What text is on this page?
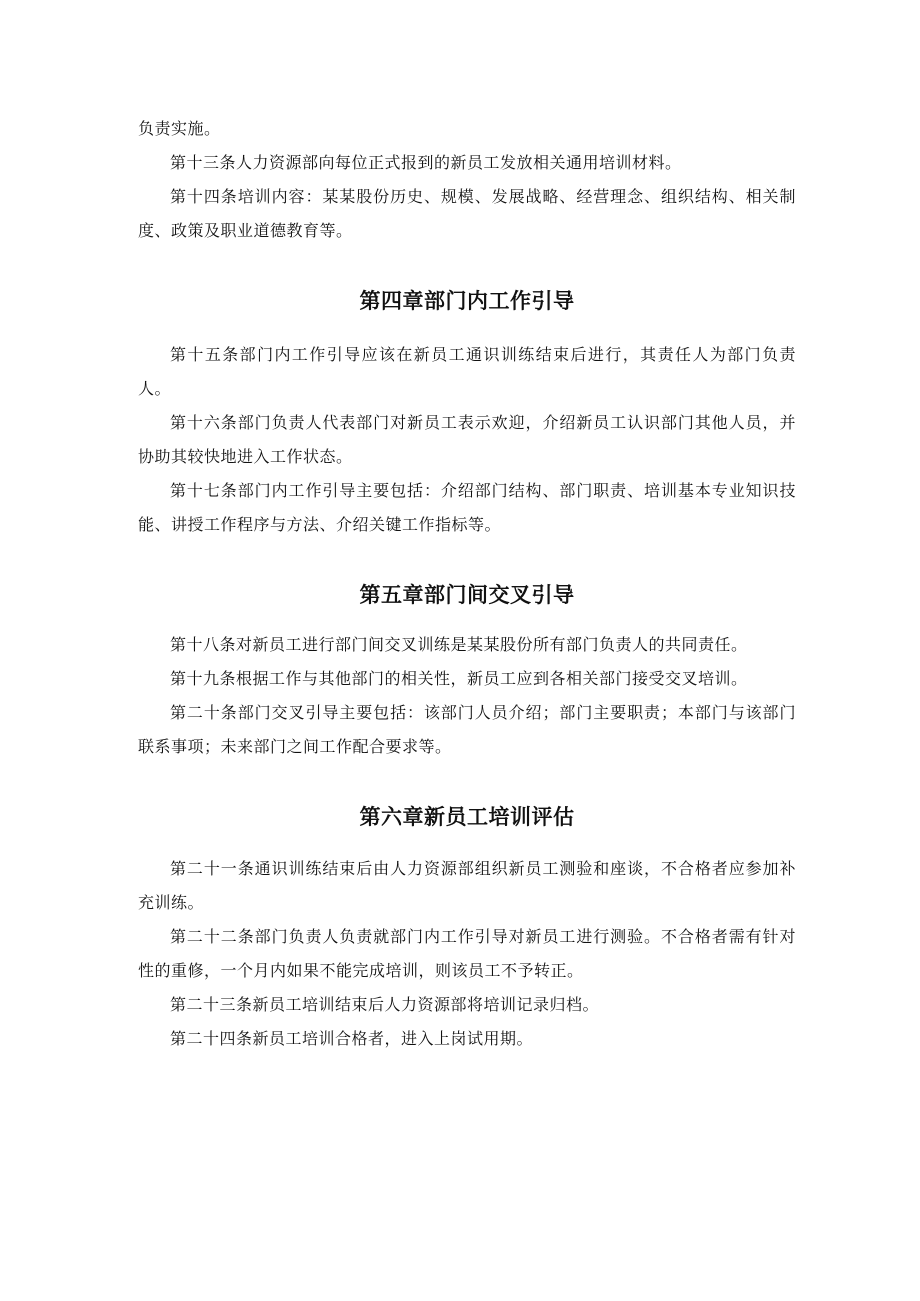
负责实施。

第十三条人力资源部向每位正式报到的新员工发放相关通用培训材料。

第十四条培训内容：某某股份历史、规模、发展战略、经营理念、组织结构、相关制度、政策及职业道德教育等。

第四章部门内工作引导

第十五条部门内工作引导应该在新员工通识训练结束后进行，其责任人为部门负责人。

第十六条部门负责人代表部门对新员工表示欢迎，介绍新员工认识部门其他人员，并协助其较快地进入工作状态。

第十七条部门内工作引导主要包括：介绍部门结构、部门职责、培训基本专业知识技能、讲授工作程序与方法、介绍关键工作指标等。

第五章部门间交叉引导

第十八条对新员工进行部门间交叉训练是某某股份所有部门负责人的共同责任。

第十九条根据工作与其他部门的相关性，新员工应到各相关部门接受交叉培训。

第二十条部门交叉引导主要包括：该部门人员介绍；部门主要职责；本部门与该部门联系事项；未来部门之间工作配合要求等。

第六章新员工培训评估

第二十一条通识训练结束后由人力资源部组织新员工测验和座谈，不合格者应参加补充训练。

第二十二条部门负责人负责就部门内工作引导对新员工进行测验。不合格者需有针对性的重修，一个月内如果不能完成培训，则该员工不予转正。

第二十三条新员工培训结束后人力资源部将培训记录归档。

第二十四条新员工培训合格者，进入上岗试用期。
